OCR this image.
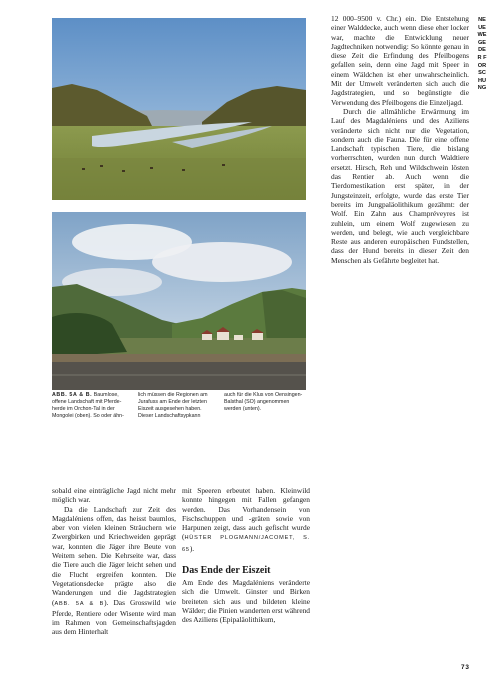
ABB. 5A & B. Baumlose, offene Landschaft mit Pferdeherde im Orchon-Tal in der Mongolei (oben). So oder ähn-
lich müssen die Regionen am Jurafuss am Ende der letzten Eiszeit ausgesehen haben. Dieser Landschaftsypkann
auch für die Klus von Oensingen-Balsthal (SO) angenommen werden (unten).

12 000–9500 v. Chr.) ein. Die Entstehung einer Walddecke, auch wenn diese eher locker war, machte die Entwicklung neuer Jagdtechniken notwendig: So könnte genau in diese Zeit die Erfindung des Pfeilbogens gefallen sein, denn eine Jagd mit Speer in einem Wäldchen ist eher unwahrscheinlich. Mit der Umwelt veränderten sich auch die Jagdstrategien, und so begünstigte die Verwendung des Pfeilbogens die Einzeljagd.

Durch die allmähliche Erwärmung im Lauf des Magdaléniens und des Aziliens veränderte sich nicht nur die Vegetation, sondern auch die Fauna. Die für eine offene Landschaft typischen Tiere, die bislang vorherrschten, wurden nun durch Waldtiere ersetzt. Hirsch, Reh und Wildschwein lösten das Rentier ab. Auch wenn die Tierdomestikation erst später, in der Jungsteinzeit, erfolgte, wurde das erste Tier bereits im Jungpaläolithikum gezähmt: der Wolf. Ein Zahn aus Champréveyres ist zuhlein, um einem Wolf zugewiesen zu werden, und belegt, wie auch vergleichbare Reste aus anderen europäischen Fundstellen, dass der Hund bereits in dieser Zeit den Menschen als Gefährte begleitet hat.

NEUE WEGE DER FORSCHUNG

sobald eine einträgliche Jagd nicht mehr möglich war.

Da die Landschaft zur Zeit des Magdaléniens offen, das heisst baumlos, aber von vielen kleinen Sträuchern wie Zwergbirken und Kriechweiden geprägt war, konnten die Jäger ihre Beute von Weitem sehen. Die Kehrseite war, dass die Tiere auch die Jäger leicht sehen und die Flucht ergreifen konnten. Die Vegetationsdecke prägte also die Wanderungen und die Jagdstrategien (ABB. 5A & B). Das Grosswild wie Pferde, Rentiere oder Wisente wird man im Rahmen von Gemeinschaftsjagden aus dem Hinterhalt

mit Speeren erbeutet haben. Kleinwild konnte hingegen mit Fallen gefangen werden. Das Vorhandensein von Fischschuppen und -gräten sowie von Harpunen zeigt, dass auch gefischt wurde (HÜSTER PLOGMANN/JACOMET, S. 65).

Das Ende der Eiszeit

Am Ende des Magdaléniens veränderte sich die Umwelt. Ginster und Birken breiteten sich aus und bildeten kleine Wälder; die Pinien wanderten erst während des Aziliens (Epipaläolithikum,

73
